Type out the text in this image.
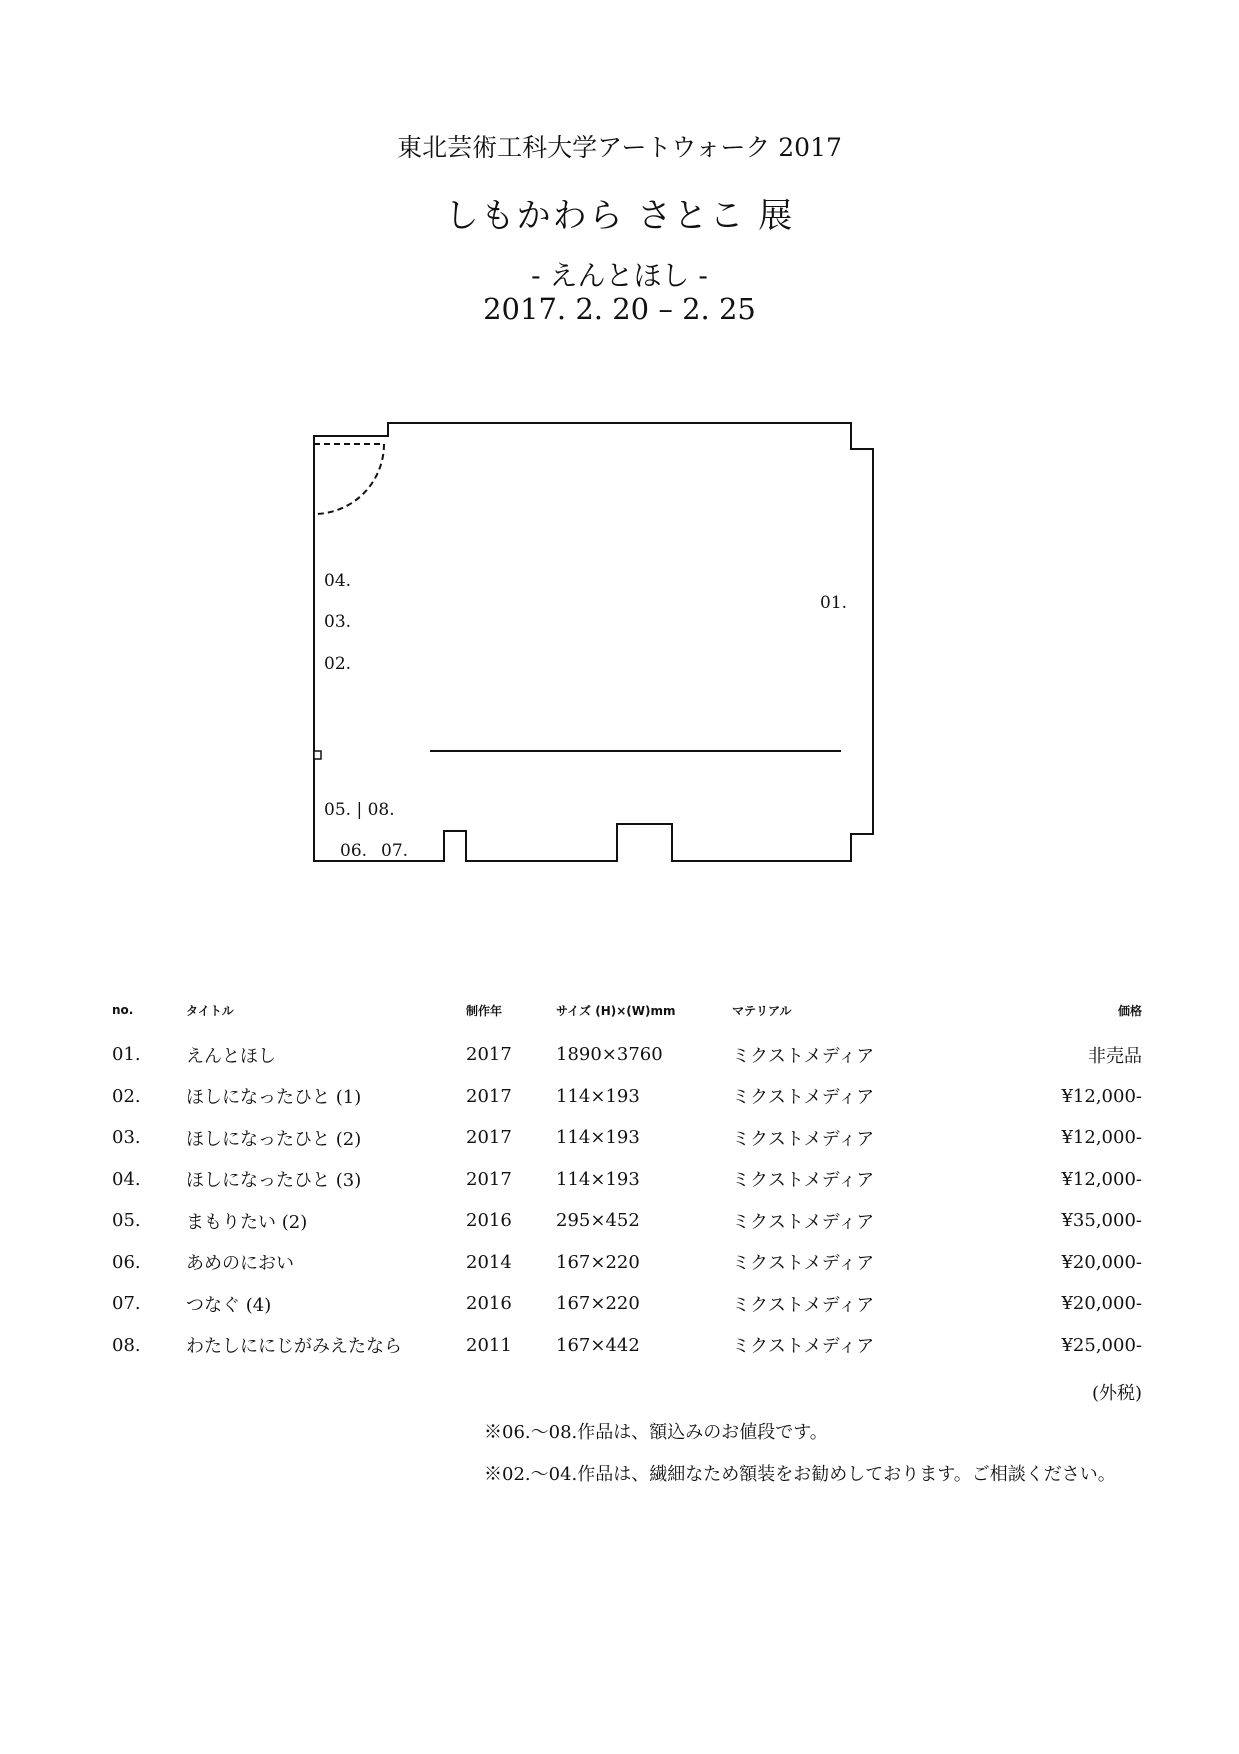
東北芸術工科大学アートウォーク 2017
しもかわら さとこ 展
- えんとほし -
2017. 2. 20 – 2. 25
01.
04.
03.
02.
05. | 08.
06. 07.
no.	タイトル	制作年	サイズ (H)×(W)mm	マテリアル	価格
01.	えんとほし	2017	1890×3760	ミクストメディア	非売品
02.	ほしになったひと (1)	2017	114×193	ミクストメディア	¥12,000-
03.	ほしになったひと (2)	2017	114×193	ミクストメディア	¥12,000-
04.	ほしになったひと (3)	2017	114×193	ミクストメディア	¥12,000-
05.	まもりたい (2)	2016	295×452	ミクストメディア	¥35,000-
06.	あめのにおい	2014	167×220	ミクストメディア	¥20,000-
07.	つなぐ (4)	2016	167×220	ミクストメディア	¥20,000-
08.	わたしににじがみえたなら	2011	167×442	ミクストメディア	¥25,000-
(外税)
※06.〜08.作品は、額込みのお値段です。
※02.〜04.作品は、繊細なため額装をお勧めしております。ご相談ください。
